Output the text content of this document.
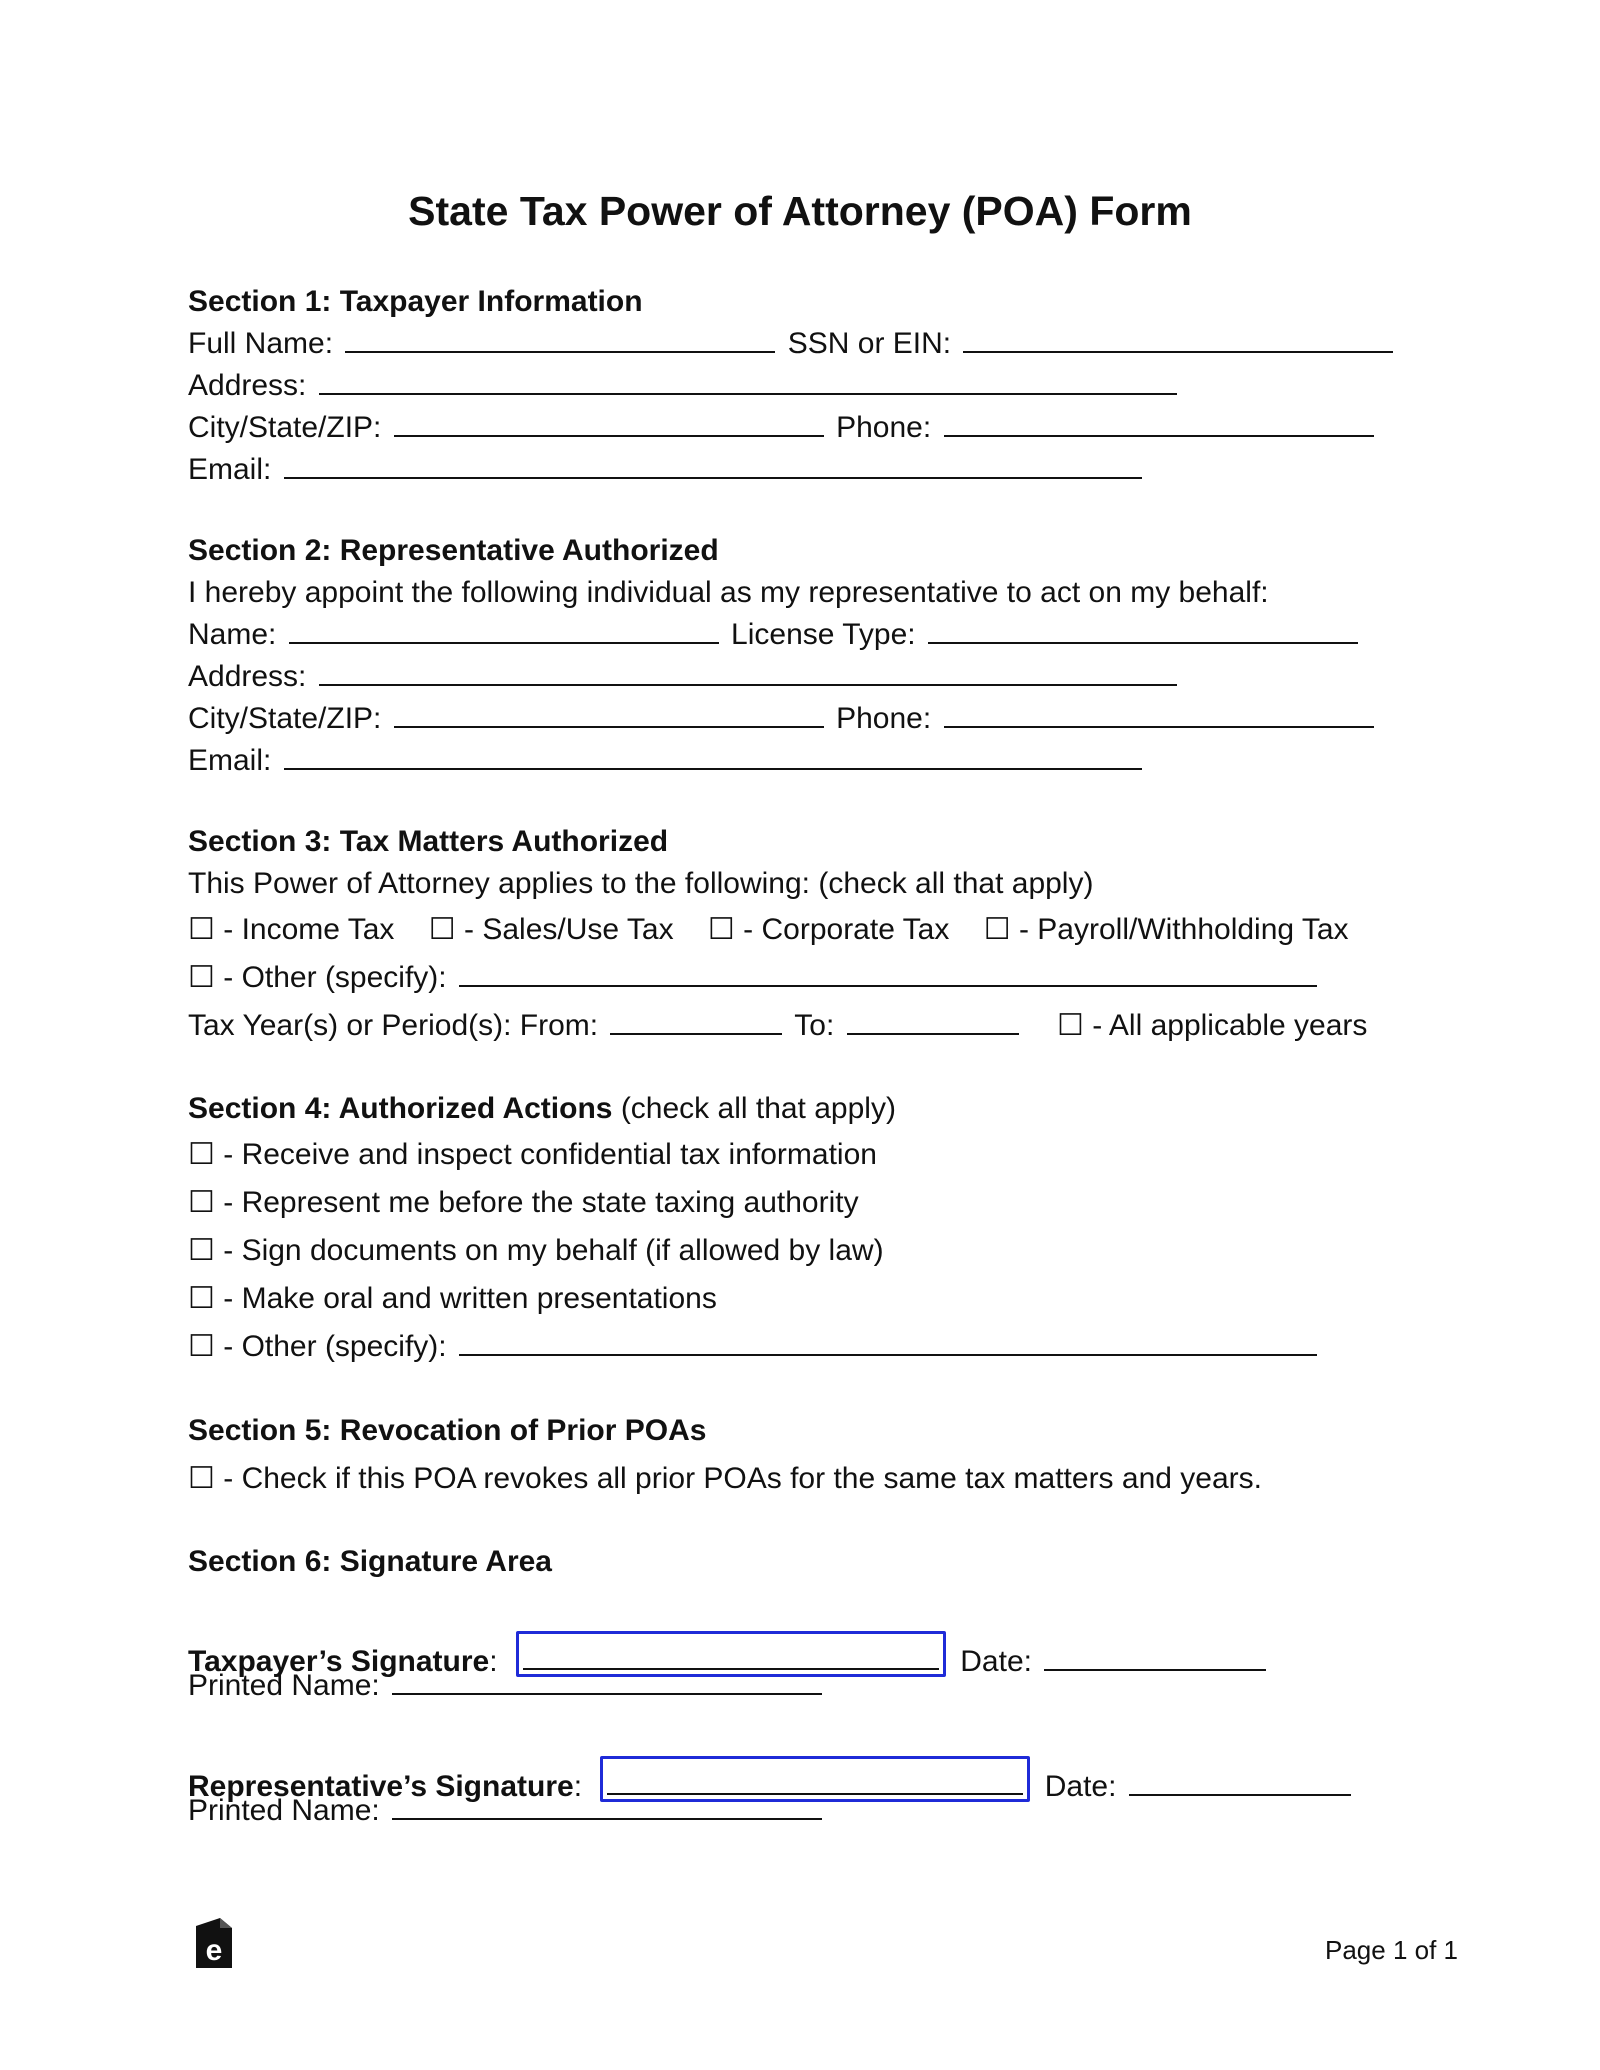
State Tax Power of Attorney (POA) Form
Section 1: Taxpayer Information
Full Name:	SSN or EIN:
Address:
City/State/ZIP:	Phone:
Email:
Section 2: Representative Authorized
I hereby appoint the following individual as my representative to act on my behalf:
Name:	License Type:
Address:
City/State/ZIP:	Phone:
Email:
Section 3: Tax Matters Authorized
This Power of Attorney applies to the following: (check all that apply)
☐ - Income Tax ☐ - Sales/Use Tax ☐ - Corporate Tax ☐ - Payroll/Withholding Tax
☐ - Other (specify):
Tax Year(s) or Period(s): From:	To:	☐ - All applicable years
Section 4: Authorized Actions (check all that apply)
☐ - Receive and inspect confidential tax information
☐ - Represent me before the state taxing authority
☐ - Sign documents on my behalf (if allowed by law)
☐ - Make oral and written presentations
☐ - Other (specify):
Section 5: Revocation of Prior POAs
☐ - Check if this POA revokes all prior POAs for the same tax matters and years.
Section 6: Signature Area
Taxpayer’s Signature:	Date:
Printed Name:
Representative’s Signature:	Date:
Printed Name:
e	Page 1 of 1
